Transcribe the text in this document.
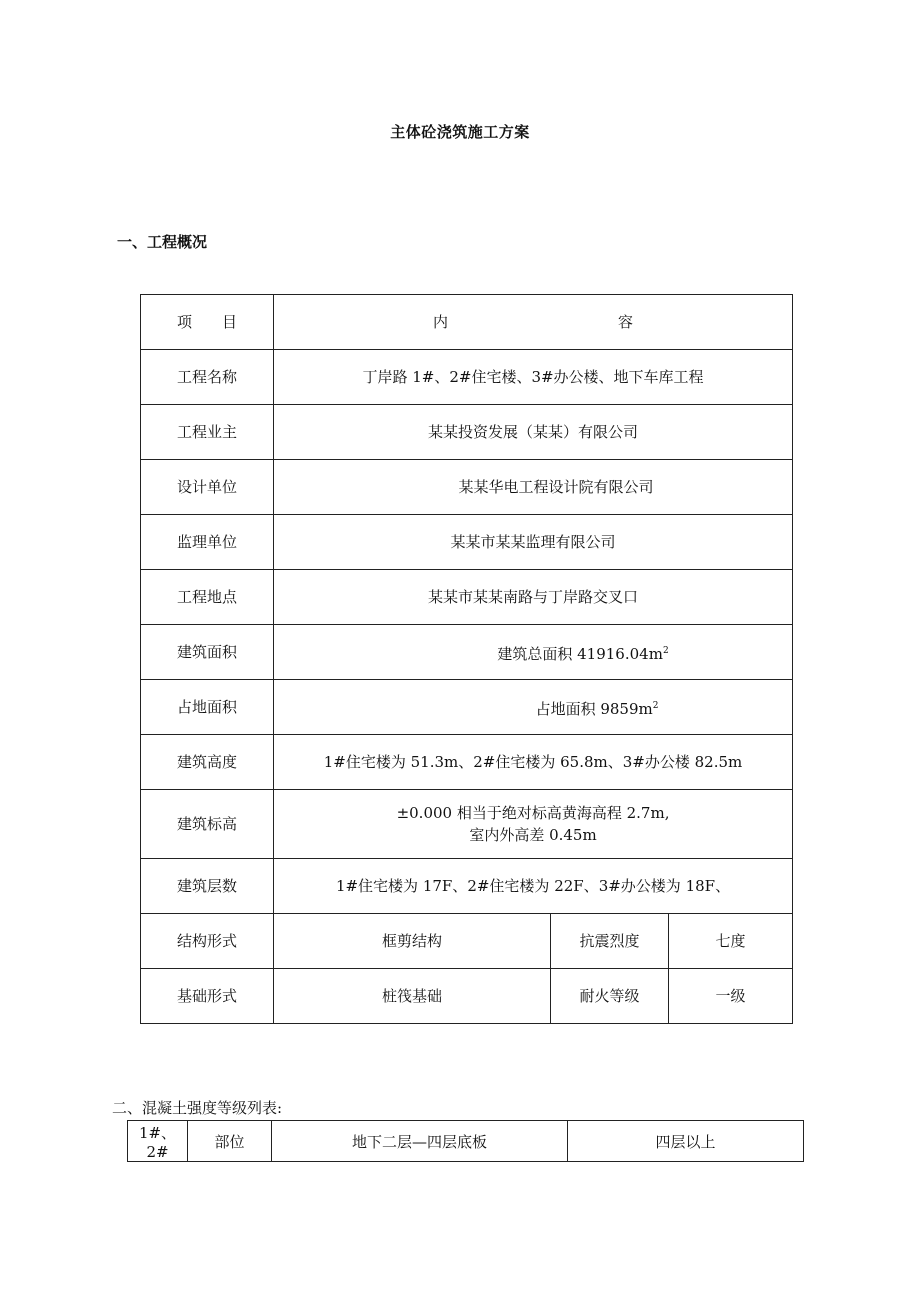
主体砼浇筑施工方案
一、工程概况
项　　目	内 容		
工程名称	丁岸路 1#、2#住宅楼、3#办公楼、地下车库工程		
工程业主	某某投资发展（某某）有限公司		
设计单位	某某华电工程设计院有限公司		
监理单位	某某市某某监理有限公司		
工程地点	某某市某某南路与丁岸路交叉口		
建筑面积	建筑总面积 $41916.04m^2$
占地面积	占地面积 $9859m^2$
建筑高度	1#住宅楼为 51.3m、2#住宅楼为 65.8m、3#办公楼 82.5m		
建筑标高	±0.000 相当于绝对标高黄海高程 2.7m,
室内外高差 0.45m		

建筑层数	1#住宅楼为 17F、2#住宅楼为 22F、3#办公楼为 18F、		
结构形式	框剪结构	抗震烈度	七度
基础形式	桩筏基础	耐火等级	一级
二、混凝土强度等级列表:
1#、2#	部位	地下二层—四层底板	四层以上
